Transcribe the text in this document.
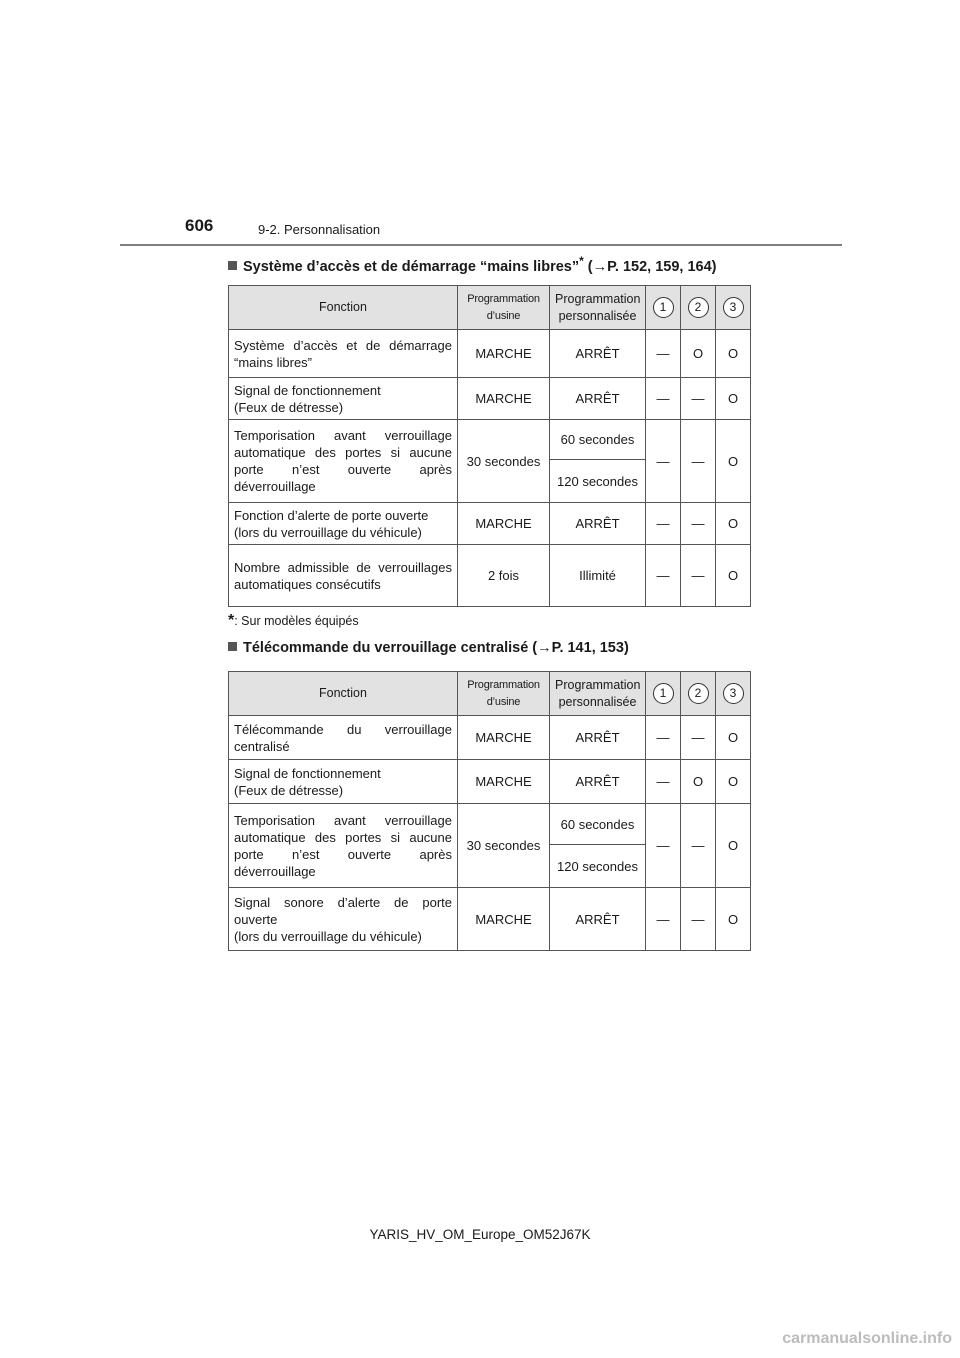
606	9-2. Personnalisation
Système d’accès et de démarrage “mains libres”* (→P. 152, 159, 164)
Fonction	Programmation d’usine	Programmation personnalisée	1	2	3
Système d’accès et de démarrage “mains libres”	MARCHE	ARRÊT	—	O	O
Signal de fonctionnement
(Feux de détresse)	MARCHE	ARRÊT	—	—	O
Temporisation avant verrouillage automatique des portes si aucune porte n’est ouverte après déverrouillage	30 secondes	60 secondes	—	—	O
		120 secondes			
Fonction d’alerte de porte ouverte
(lors du verrouillage du véhicule)	MARCHE	ARRÊT	—	—	O
Nombre admissible de verrouillages automatiques consécutifs	2 fois	Illimité	—	—	O
*: Sur modèles équipés
Télécommande du verrouillage centralisé (→P. 141, 153)
Fonction	Programmation d’usine	Programmation personnalisée	1	2	3
Télécommande du verrouillage centralisé	MARCHE	ARRÊT	—	—	O
Signal de fonctionnement
(Feux de détresse)	MARCHE	ARRÊT	—	O	O
Temporisation avant verrouillage automatique des portes si aucune porte n’est ouverte après déverrouillage	30 secondes	60 secondes	—	—	O
		120 secondes			
Signal sonore d’alerte de porte ouverte
(lors du verrouillage du véhicule)	MARCHE	ARRÊT	—	—	O
YARIS_HV_OM_Europe_OM52J67K
carmanualsonline.info
